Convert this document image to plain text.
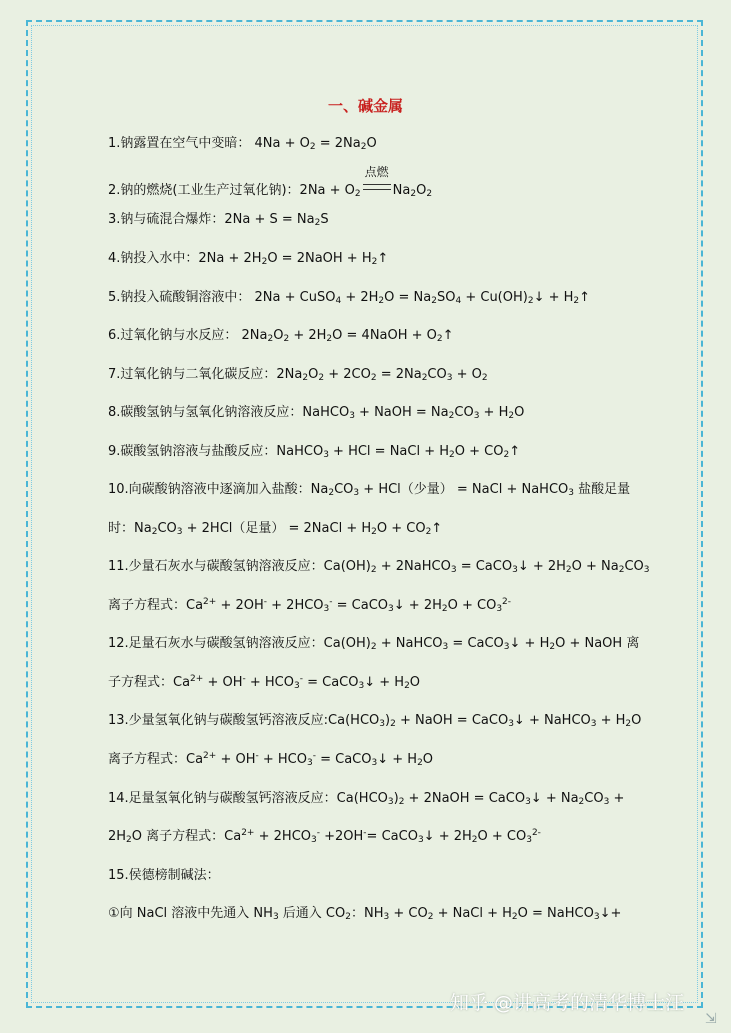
一、碱金属
1.钠露置在空气中变暗： $4Na + O_2 = 2Na_2O$
2.钠的燃烧(工业生产过氧化钠)：$2Na + O_2$
点燃
$Na_2O_2$
3.钠与硫混合爆炸：$2Na + S = Na_2S$
4.钠投入水中：$2Na + 2H_2O$ = 2NaOH + $H_2↑$
5.钠投入硫酸铜溶液中： 2Na + CuSO$_4$ + $2H_2O = Na_2SO_4$ + $Cu(OH)_2↓$ + $H_2↑$
6.过氧化钠与水反应： $2Na_2O_2 + 2H_2O$ = 4NaOH + $O_2↑$
7.过氧化钠与二氧化碳反应：$2Na_2O_2 + 2CO_2 = 2Na_2CO_3 + O_2$
8.碳酸氢钠与氢氧化钠溶液反应：NaHCO$_3$ + NaOH = $Na_2CO_3 + H_2O$
9.碳酸氢钠溶液与盐酸反应：NaHCO$_3$ + HCl = NaCl + $H_2O$ + $CO_2↑$
10.向碳酸钠溶液中逐滴加入盐酸：$Na_2CO_3 + HCl$（少量） = NaCl + NaHCO$_3$ 盐酸足量
时：$Na_2CO_3 + 2HCl$（足量） = 2NaCl + $H_2O$ + $CO_2↑$
11.少量石灰水与碳酸氢钠溶液反应：$Ca(OH)_2$ + 2NaHCO$_3$ = CaCO$_3$↓ + $2H_2O + Na_2CO_3$
离子方程式：$Ca^{2+} + 2OH^- + 2HCO_3^-$ = CaCO$_3$↓ + $2H_2O + CO_3^{2-}$
12.足量石灰水与碳酸氢钠溶液反应：$Ca(OH)_2$ + NaHCO$_3$ = CaCO$_3$↓ + $H_2O$ + NaOH 离
子方程式：$Ca^{2+} + OH^- + HCO_3^-$ = CaCO$_3$↓ + $H_2O$
13.少量氢氧化钠与碳酸氢钙溶液反应$:Ca(HCO_3)_2$ + NaOH = CaCO$_3$↓ + NaHCO$_3$ + $H_2O$
离子方程式：$Ca^{2+} + OH^- + HCO_3^-$ = CaCO$_3$↓ + $H_2O$
14.足量氢氧化钠与碳酸氢钙溶液反应：$Ca(HCO_3)_2$ + 2NaOH = CaCO$_3$↓ + $Na_2CO_3$ +
$2H_2O$ 离子方程式：$Ca^{2+} + 2HCO_3^- +2OH^-=$ CaCO$_3$↓ + $2H_2O + CO_3^{2-}$
15.侯德榜制碱法：
①向 NaCl 溶液中先通入 $NH_3$ 后通入 $CO_2$：$NH_3 + CO_2$ + NaCl + $H_2O$ = NaHCO$_3$↓+
知乎 @讲高考的清华博士汪
⇲
